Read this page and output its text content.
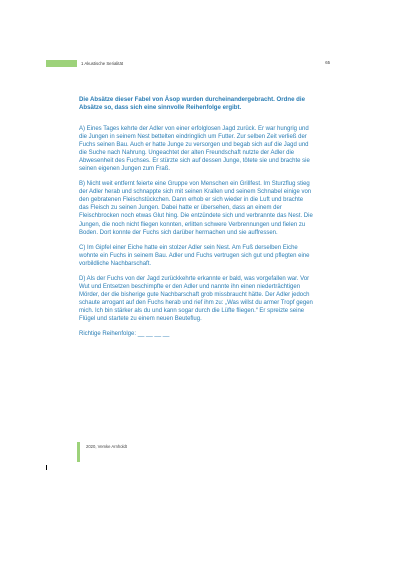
1 Akustische Serialität	65

Die Absätze dieser Fabel von Äsop wurden durcheinandergebracht. Ordne die Absätze so, dass sich eine sinnvolle Reihenfolge ergibt.

A) Eines Tages kehrte der Adler von einer erfolglosen Jagd zurück. Er war hungrig und die Jungen in seinem Nest bettelten eindringlich um Futter. Zur selben Zeit verließ der Fuchs seinen Bau. Auch er hatte Junge zu versorgen und begab sich auf die Jagd und die Suche nach Nahrung. Ungeachtet der alten Freundschaft nutzte der Adler die Abwesenheit des Fuchses. Er stürzte sich auf dessen Junge, tötete sie und brachte sie seinen eigenen Jungen zum Fraß.

B) Nicht weit entfernt feierte eine Gruppe von Menschen ein Grillfest. Im Sturzflug stieg der Adler herab und schnappte sich mit seinen Krallen und seinem Schnabel einige von den gebratenen Fleischstückchen. Dann erhob er sich wieder in die Luft und brachte das Fleisch zu seinen Jungen. Dabei hatte er übersehen, dass an einem der Fleischbrocken noch etwas Glut hing. Die entzündete sich und verbrannte das Nest. Die Jungen, die noch nicht fliegen konnten, erlitten schwere Verbrennungen und fielen zu Boden. Dort konnte der Fuchs sich darüber hermachen und sie auffressen.

C) Im Gipfel einer Eiche hatte ein stolzer Adler sein Nest. Am Fuß derselben Eiche wohnte ein Fuchs in seinem Bau. Adler und Fuchs vertrugen sich gut und pflegten eine vorbildliche Nachbarschaft.

D) Als der Fuchs von der Jagd zurückkehrte erkannte er bald, was vorgefallen war. Vor Wut und Entsetzen beschimpfte er den Adler und nannte ihn einen niederträchtigen Mörder, der die bisherige gute Nachbarschaft grob missbraucht hätte. Der Adler jedoch schaute arrogant auf den Fuchs herab und rief ihm zu: „Was willst du armer Tropf gegen mich. Ich bin stärker als du und kann sogar durch die Lüfte fliegen.“ Er spreizte seine Flügel und startete zu einem neuen Beuteflug.

Richtige Reihenfolge: __ __ __ __
2020, Vemke Arnholdt
